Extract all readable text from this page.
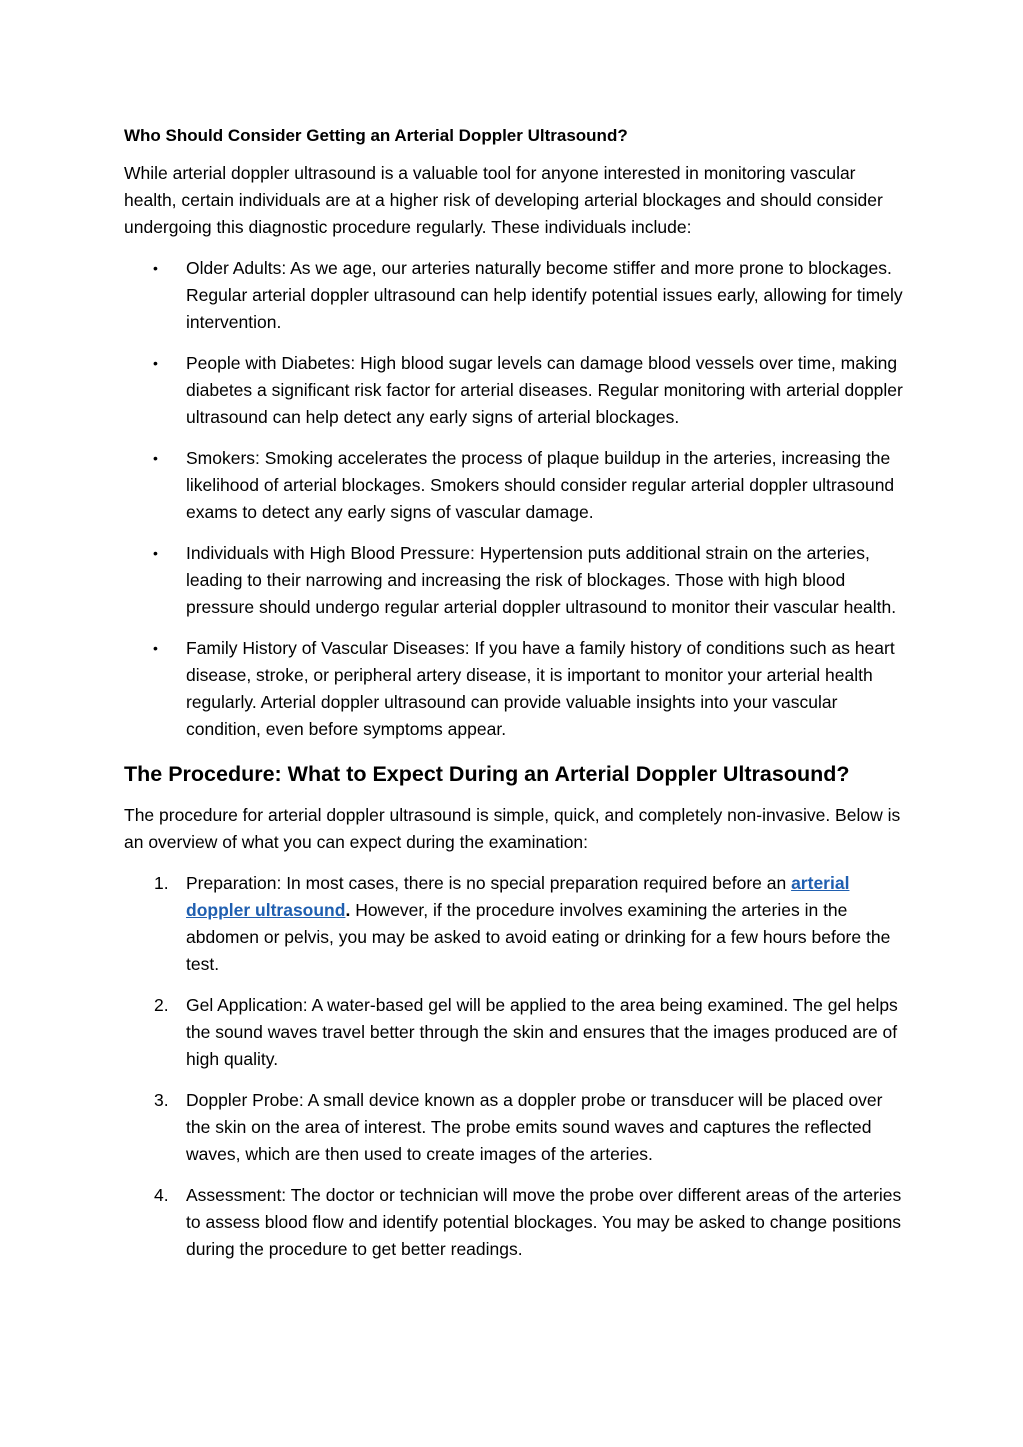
Who Should Consider Getting an Arterial Doppler Ultrasound?

While arterial doppler ultrasound is a valuable tool for anyone interested in monitoring vascular health, certain individuals are at a higher risk of developing arterial blockages and should consider undergoing this diagnostic procedure regularly. These individuals include:

• Older Adults: As we age, our arteries naturally become stiffer and more prone to blockages. Regular arterial doppler ultrasound can help identify potential issues early, allowing for timely intervention.
• People with Diabetes: High blood sugar levels can damage blood vessels over time, making diabetes a significant risk factor for arterial diseases. Regular monitoring with arterial doppler ultrasound can help detect any early signs of arterial blockages.
• Smokers: Smoking accelerates the process of plaque buildup in the arteries, increasing the likelihood of arterial blockages. Smokers should consider regular arterial doppler ultrasound exams to detect any early signs of vascular damage.
• Individuals with High Blood Pressure: Hypertension puts additional strain on the arteries, leading to their narrowing and increasing the risk of blockages. Those with high blood pressure should undergo regular arterial doppler ultrasound to monitor their vascular health.
• Family History of Vascular Diseases: If you have a family history of conditions such as heart disease, stroke, or peripheral artery disease, it is important to monitor your arterial health regularly. Arterial doppler ultrasound can provide valuable insights into your vascular condition, even before symptoms appear.
The Procedure: What to Expect During an Arterial Doppler Ultrasound?

The procedure for arterial doppler ultrasound is simple, quick, and completely non-invasive. Below is an overview of what you can expect during the examination:

1. Preparation: In most cases, there is no special preparation required before an arterial doppler ultrasound. However, if the procedure involves examining the arteries in the abdomen or pelvis, you may be asked to avoid eating or drinking for a few hours before the test.
2. Gel Application: A water-based gel will be applied to the area being examined. The gel helps the sound waves travel better through the skin and ensures that the images produced are of high quality.
3. Doppler Probe: A small device known as a doppler probe or transducer will be placed over the skin on the area of interest. The probe emits sound waves and captures the reflected waves, which are then used to create images of the arteries.
4. Assessment: The doctor or technician will move the probe over different areas of the arteries to assess blood flow and identify potential blockages. You may be asked to change positions during the procedure to get better readings.
